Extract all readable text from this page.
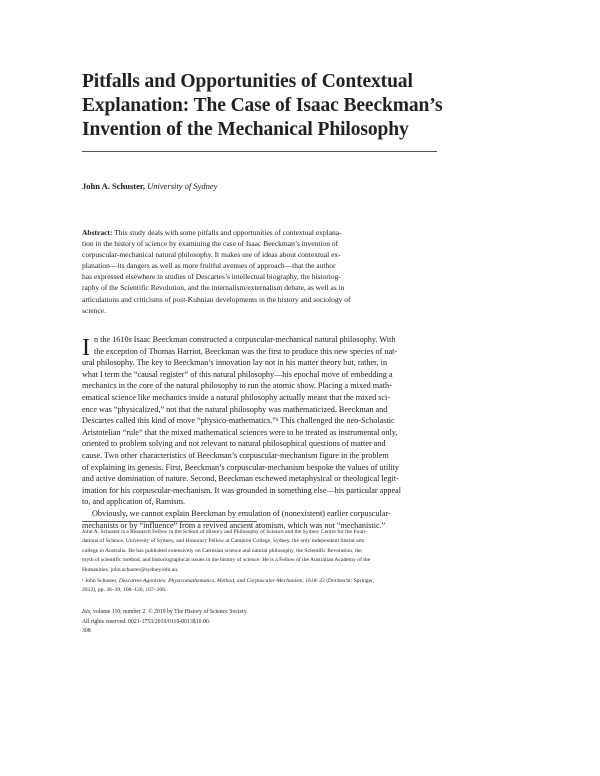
Pitfalls and Opportunities of Contextual
Explanation: The Case of Isaac Beeckman’s
Invention of the Mechanical Philosophy
John A. Schuster, University of Sydney
Abstract: This study deals with some pitfalls and opportunities of contextual explana-
tion in the history of science by examining the case of Isaac Beeckman’s invention of
corpuscular-mechanical natural philosophy. It makes use of ideas about contextual ex-
planation—its dangers as well as more fruitful avenues of approach—that the author
has expressed elsewhere in studies of Descartes’s intellectual biography, the historiog-
raphy of the Scientific Revolution, and the internalism/externalism debate, as well as in
articulations and criticisms of post-Kuhnian developments in the history and sociology of
science.
I n the 1610s Isaac Beeckman constructed a corpuscular-mechanical natural philosophy. With
the exception of Thomas Harriot, Beeckman was the first to produce this new species of nat-
ural philosophy. The key to Beeckman’s innovation lay not in his matter theory but, rather, in
what I term the “causal register” of this natural philosophy—his epochal move of embedding a
mechanics in the core of the natural philosophy to run the atomic show. Placing a mixed math-
ematical science like mechanics inside a natural philosophy actually meant that the mixed sci-
ence was “physicalized,” not that the natural philosophy was mathematicized. Beeckman and
Descartes called this kind of move “physico-mathematics.”¹ This challenged the neo-Scholastic
Aristotelian “rule” that the mixed mathematical sciences were to be treated as instrumental only,
oriented to problem solving and not relevant to natural philosophical questions of matter and
cause. Two other characteristics of Beeckman’s corpuscular-mechanism figure in the problem
of explaining its genesis. First, Beeckman’s corpuscular-mechanism bespoke the values of utility
and active domination of nature. Second, Beeckman eschewed metaphysical or theological legit-
imation for his corpuscular-mechanism. It was grounded in something else—his particular appeal
to, and application of, Ramism.
Obviously, we cannot explain Beeckman by emulation of (nonexistent) earlier corpuscular-
mechanists or by “influence” from a revived ancient atomism, which was not “mechanistic.”
John A. Schuster is a Research Fellow in the School of History and Philosophy of Science and the Sydney Centre for the Foun-
dations of Science, University of Sydney, and Honorary Fellow at Campion College, Sydney, the only independent liberal arts
college in Australia. He has published extensively on Cartesian science and natural philosophy, the Scientific Revolution, the
myth of scientific method, and historiographical issues in the history of science. He is a Fellow of the Australian Academy of the
Humanities. john.schuster@sydney.edu.au.
¹ John Schuster, Descartes-Agonistes: Physicomathematics, Method, and Corpuscular-Mechanism, 1618–33 (Dordrecht: Springer,
2012), pp. 36–39, 108–120, 167–208.
Isis, volume 110, number 2. © 2019 by The History of Science Society.
All rights reserved. 0021-1753/2019/0110-0013$10.00.
308
